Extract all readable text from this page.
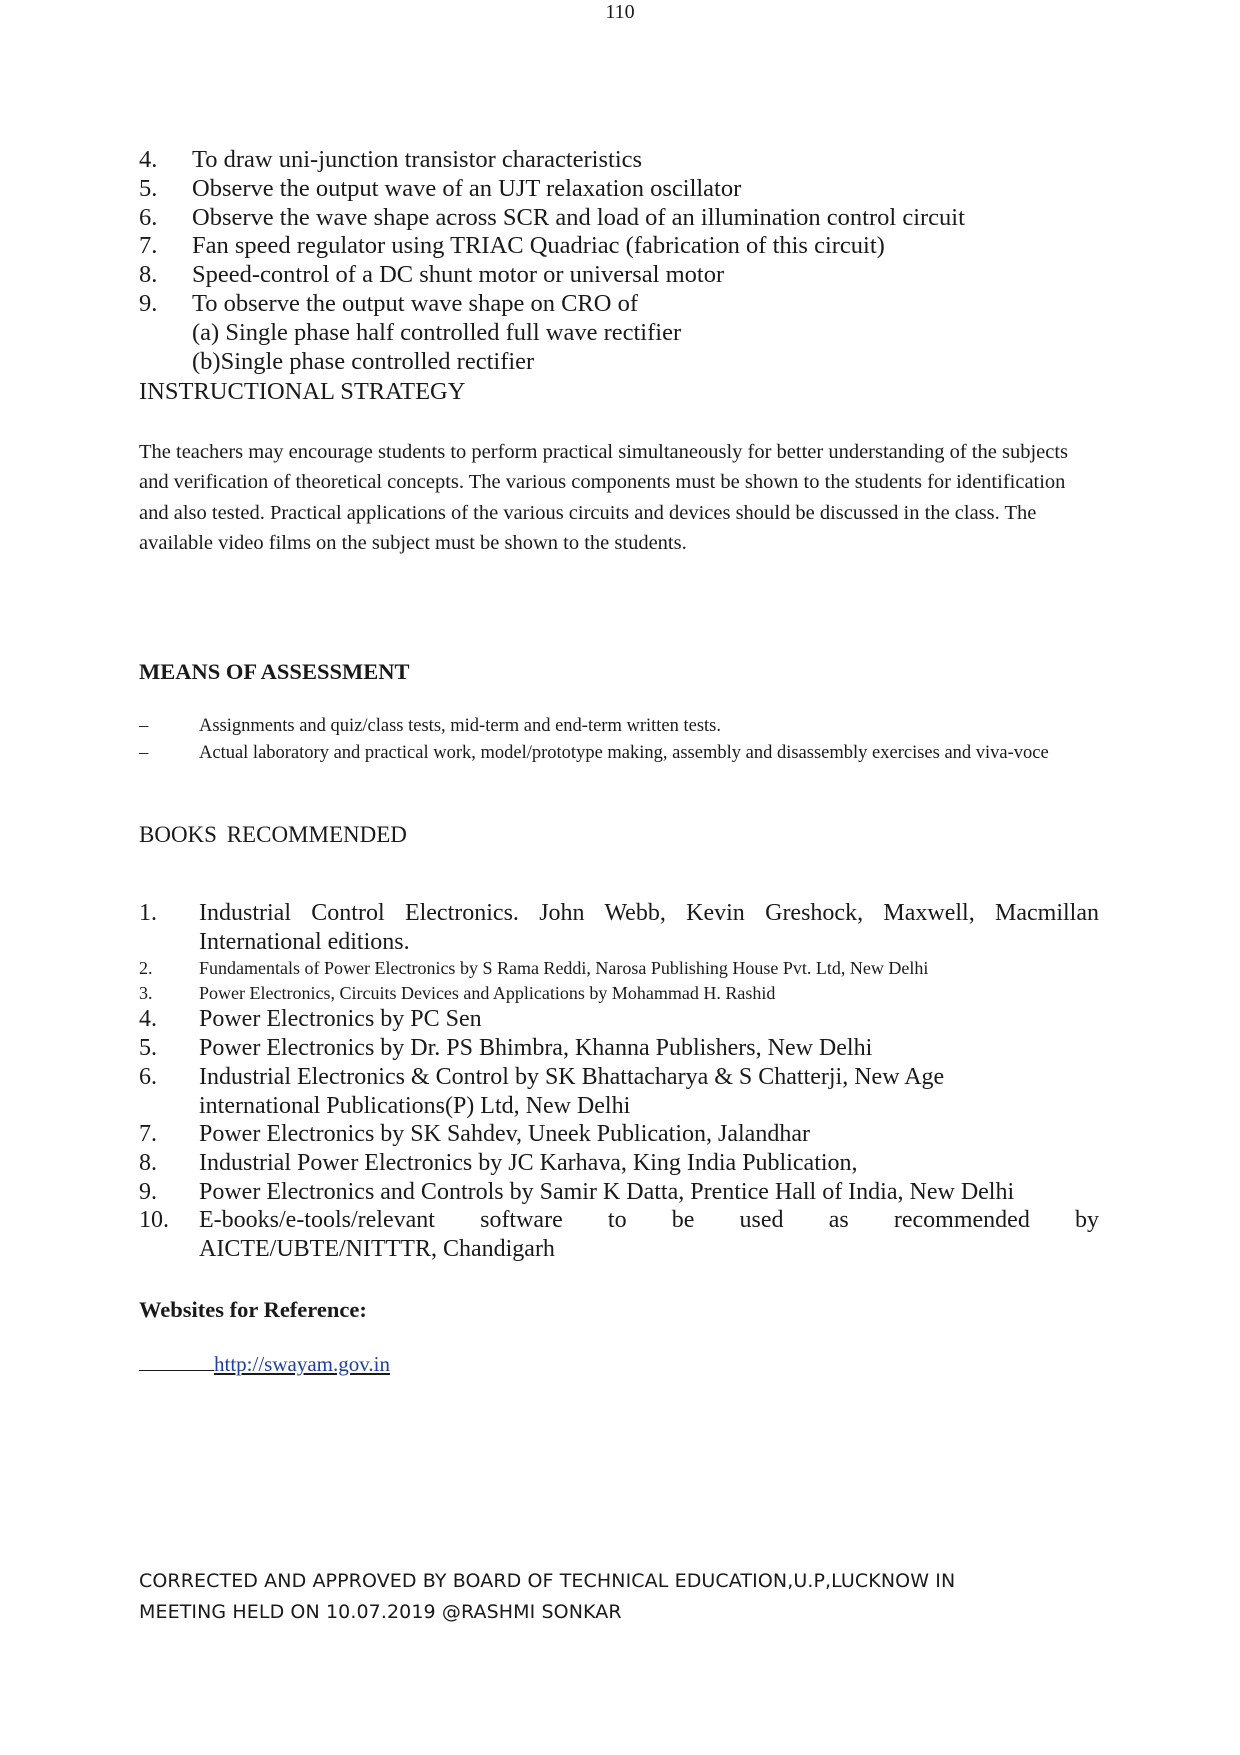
110
4.	To draw uni-junction transistor characteristics
5.	Observe the output wave of an UJT relaxation oscillator
6.	Observe the wave shape across SCR and load of an illumination control circuit
7.	Fan speed regulator using TRIAC Quadriac (fabrication of this circuit)
8.	Speed-control of a DC shunt motor or universal motor
9.	To observe the output wave shape on CRO of
(a) Single phase half controlled full wave rectifier
(b)Single phase controlled rectifier
INSTRUCTIONAL STRATEGY

The teachers may encourage students to perform practical simultaneously for better understanding of the subjects and verification of theoretical concepts. The various components must be shown to the students for identification and also tested. Practical applications of the various circuits and devices should be discussed in the class. The available video films on the subject must be shown to the students.

MEANS OF ASSESSMENT
–	Assignments and quiz/class tests, mid-term and end-term written tests.
–	Actual laboratory and practical work, model/prototype making, assembly and disassembly exercises and viva-voce
BOOKS RECOMMENDED
1.	Industrial Control Electronics. John Webb, Kevin Greshock, Maxwell, Macmillan
International editions.
2.	Fundamentals of Power Electronics by S Rama Reddi, Narosa Publishing House Pvt. Ltd, New Delhi
3.	Power Electronics, Circuits Devices and Applications by Mohammad H. Rashid
4.	Power Electronics by PC Sen
5.	Power Electronics by Dr. PS Bhimbra, Khanna Publishers, New Delhi
6.	Industrial Electronics & Control by SK Bhattacharya & S Chatterji, New Age
international Publications(P) Ltd, New Delhi
7.	Power Electronics by SK Sahdev, Uneek Publication, Jalandhar
8.	Industrial Power Electronics by JC Karhava, King India Publication,
9.	Power Electronics and Controls by Samir K Datta, Prentice Hall of India, New Delhi
10.	E-books/e-tools/relevant software to be used as recommended by
AICTE/UBTE/NITTTR, Chandigarh
Websites for Reference:
http://swayam.gov.in
CORRECTED AND APPROVED BY BOARD OF TECHNICAL EDUCATION,U.P,LUCKNOW IN
MEETING HELD ON 10.07.2019 @RASHMI SONKAR
